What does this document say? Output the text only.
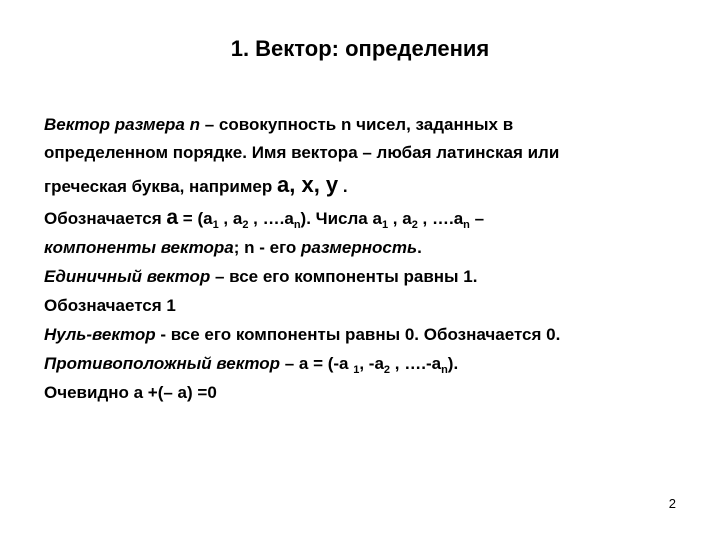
1. Вектор: определения
Вектор размера n – совокупность n чисел, заданных в
определенном порядке. Имя вектора – любая латинская или
греческая буква, например a, x, y .
Обозначается $a = (a_1$ , $a_2$ , $\dots.a_n$). Числа $a_1$ , $a_2$ , $\dots.a_n$ –
компоненты вектора; n - его размерность.
Единичный вектор – все его компоненты равны 1.
Обозначается 1
Нуль-вектор - все его компоненты равны 0. Обозначается 0.
Противоположный вектор – a = (-a $_1$, $-a_2$ , $\dots.-a_n$).
Очевидно a +(– a) =0
2
